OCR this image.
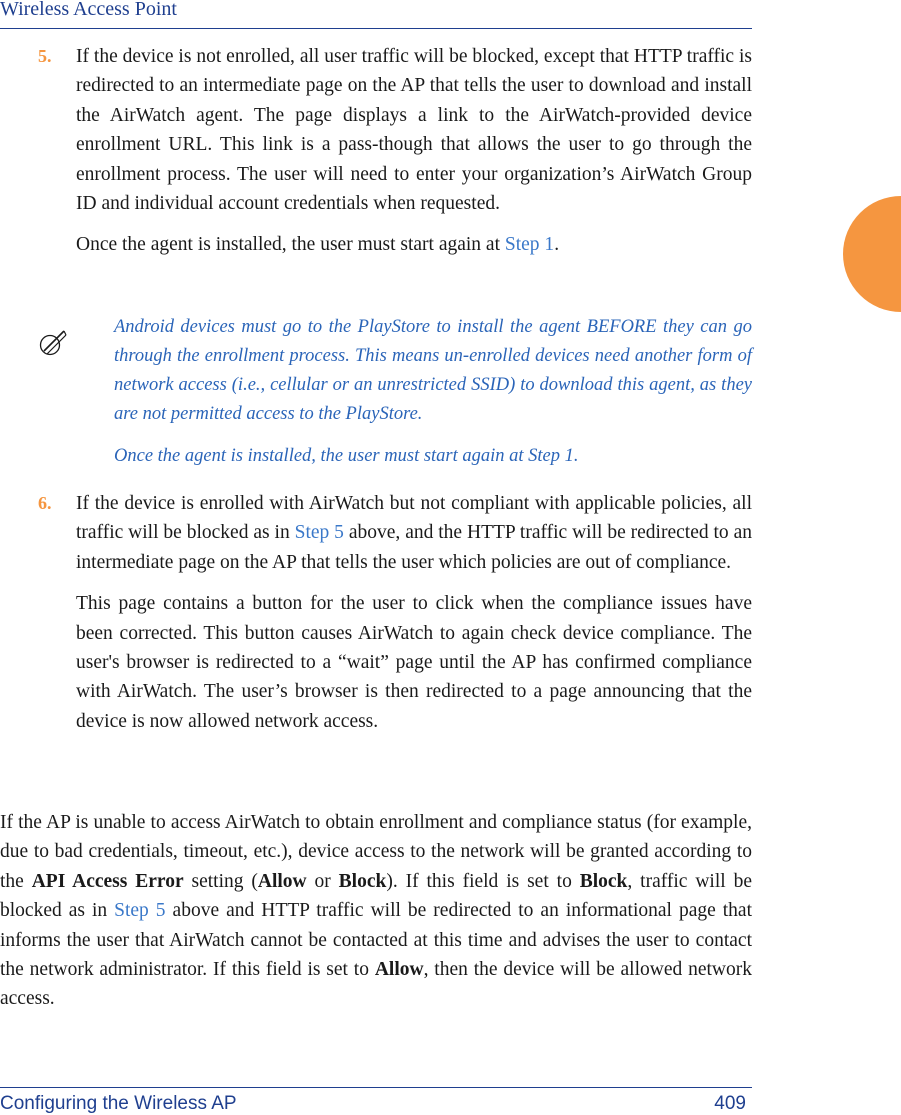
Wireless Access Point
5. If the device is not enrolled, all user traffic will be blocked, except that HTTP traffic is redirected to an intermediate page on the AP that tells the user to download and install the AirWatch agent. The page displays a link to the AirWatch-provided device enrollment URL. This link is a pass-though that allows the user to go through the enrollment process. The user will need to enter your organization’s AirWatch Group ID and individual account credentials when requested.

Once the agent is installed, the user must start again at Step 1.

Android devices must go to the PlayStore to install the agent BEFORE they can go through the enrollment process. This means un-enrolled devices need another form of network access (i.e., cellular or an unrestricted SSID) to download this agent, as they are not permitted access to the PlayStore.

Once the agent is installed, the user must start again at Step 1.

6. If the device is enrolled with AirWatch but not compliant with applicable policies, all traffic will be blocked as in Step 5 above, and the HTTP traffic will be redirected to an intermediate page on the AP that tells the user which policies are out of compliance.

This page contains a button for the user to click when the compliance issues have been corrected. This button causes AirWatch to again check device compliance. The user's browser is redirected to a “wait” page until the AP has confirmed compliance with AirWatch. The user’s browser is then redirected to a page announcing that the device is now allowed network access.

If the AP is unable to access AirWatch to obtain enrollment and compliance status (for example, due to bad credentials, timeout, etc.), device access to the network will be granted according to the API Access Error setting (Allow or Block). If this field is set to Block, traffic will be blocked as in Step 5 above and HTTP traffic will be redirected to an informational page that informs the user that AirWatch cannot be contacted at this time and advises the user to contact the network administrator. If this field is set to Allow, then the device will be allowed network access.

Configuring the Wireless AP	409
